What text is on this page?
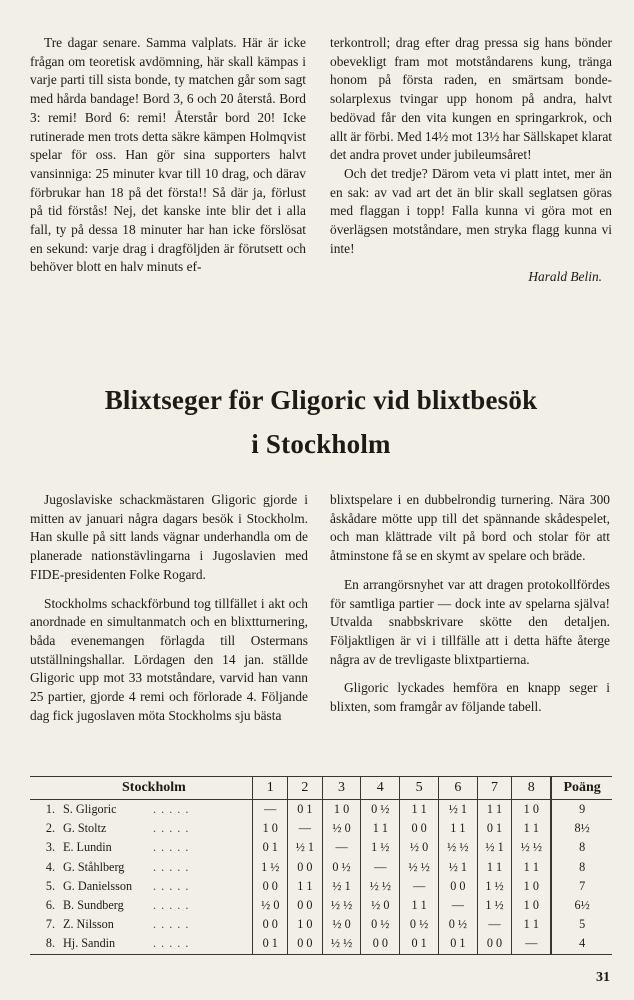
Tre dagar senare. Samma valplats. Här är icke frågan om teoretisk avdömning, här skall kämpas i varje parti till sista bonde, ty matchen går som sagt med hårda bandage! Bord 3, 6 och 20 återstå. Bord 3: remi! Bord 6: remi! Återstår bord 20! Icke rutinerade men trots detta säkre kämpen Holmqvist spelar för oss. Han gör sina supporters halvt vansinniga: 25 minuter kvar till 10 drag, och därav förbrukar han 18 på det första!! Så där ja, förlust på tid förstås! Nej, det kanske inte blir det i alla fall, ty på dessa 18 minuter har han icke förslösat en sekund: varje drag i dragföljden är förutsett och behöver blott en halv minuts ef-

terkontroll; drag efter drag pressa sig hans bönder obevekligt fram mot motståndarens kung, tränga honom på första raden, en smärtsam bonde-solarplexus tvingar upp honom på andra, halvt bedövad får den vita kungen en springarkrok, och allt är förbi. Med 14½ mot 13½ har Sällskapet klarat det andra provet under jubileumsåret!

Och det tredje? Därom veta vi platt intet, mer än en sak: av vad art det än blir skall seglatsen göras med flaggan i topp! Falla kunna vi göra mot en överlägsen motståndare, men stryka flagg kunna vi inte!

Harald Belin.

Blixtseger för Gligoric vid blixtbesök
i Stockholm

Jugoslaviske schackmästaren Gligoric gjorde i mitten av januari några dagars besök i Stockholm. Han skulle på sitt lands vägnar underhandla om de planerade nationstävlingarna i Jugoslavien med FIDE-presidenten Folke Rogard.

Stockholms schackförbund tog tillfället i akt och anordnade en simultanmatch och en blixtturnering, båda evenemangen förlagda till Ostermans utställningshallar. Lördagen den 14 jan. ställde Gligoric upp mot 33 motståndare, varvid han vann 25 partier, gjorde 4 remi och förlorade 4. Följande dag fick jugoslaven möta Stockholms sju bästa

blixtspelare i en dubbelrondig turnering. Nära 300 åskådare mötte upp till det spännande skådespelet, och man klättrade vilt på bord och stolar för att åtminstone få se en skymt av spelare och bräde.

En arrangörsnyhet var att dragen protokollfördes för samtliga partier — dock inte av spelarna själva! Utvalda snabbskrivare skötte den detaljen. Följaktligen är vi i tillfälle att i detta häfte återge några av de trevligaste blixtpartierna.

Gligoric lyckades hemföra en knapp seger i blixten, som framgår av följande tabell.

Stockholm	1	2	3	4	5	6	7	8	Poäng
1. S. Gligoric . . . . .	—	0 1	1 0	0 ½	1 1	½ 1	1 1	1 0	9
2. G. Stoltz . . . . .	1 0	—	½ 0	1 1	0 0	1 1	0 1	1 1	8½
3. E. Lundin . . . . .	0 1	½ 1	—	1 ½	½ 0	½ ½	½ 1	½ ½	8
4. G. Ståhlberg . . . . .	1 ½	0 0	0 ½	—	½ ½	½ 1	1 1	1 1	8
5. G. Danielsson . . . . .	0 0	1 1	½ 1	½ ½	—	0 0	1 ½	1 0	7
6. B. Sundberg . . . . .	½ 0	0 0	½ ½	½ 0	1 1	—	1 ½	1 0	6½
7. Z. Nilsson . . . . .	0 0	1 0	½ 0	0 ½	0 ½	0 ½	—	1 1	5
8. Hj. Sandin . . . . .	0 1	0 0	½ ½	0 0	0 1	0 1	0 0	—	4
31
